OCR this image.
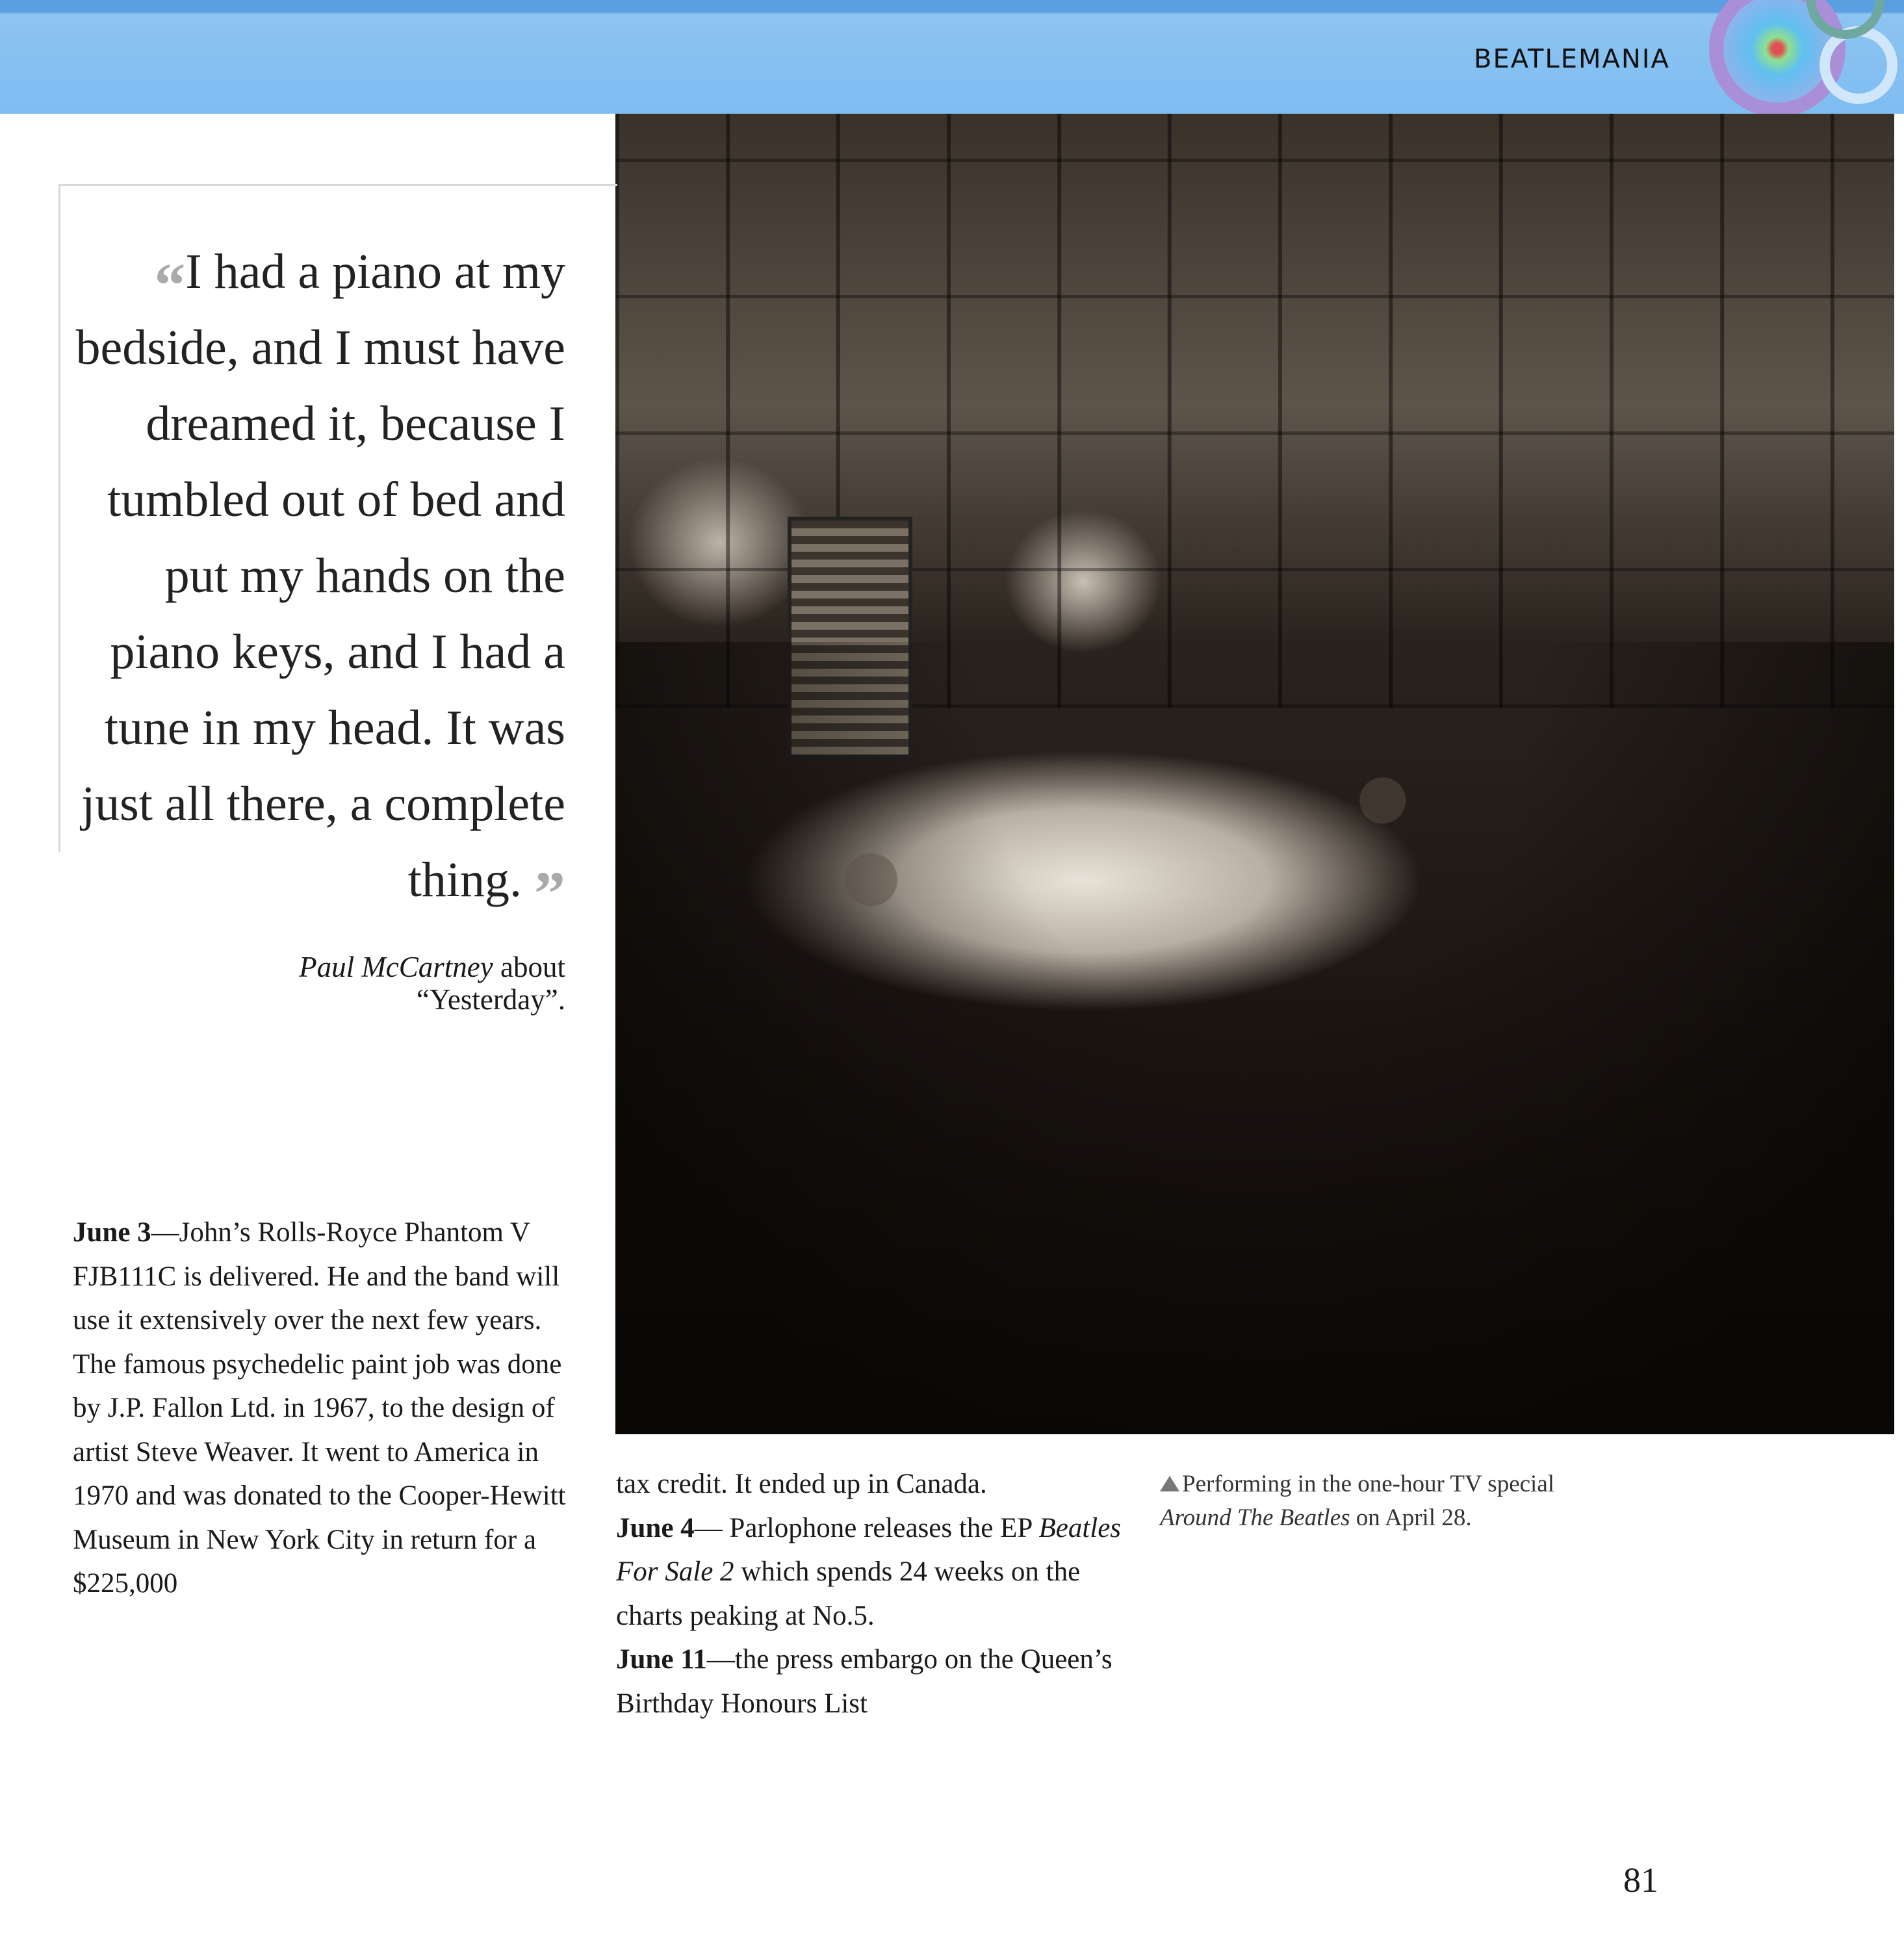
BEATLEMANIA
“I had a piano at my bedside, and I must have dreamed it, because I tumbled out of bed and put my hands on the piano keys, and I had a tune in my head. It was just all there, a complete thing. ”
Paul McCartney about
“Yesterday”.
June 3—John’s Rolls-Royce Phantom V FJB111C is delivered. He and the band will use it extensively over the next few years. The famous psychedelic paint job was done by J.P. Fallon Ltd. in 1967, to the design of artist Steve Weaver. It went to America in 1970 and was donated to the Cooper-Hewitt Museum in New York City in return for a $225,000
tax credit. It ended up in Canada.
June 4— Parlophone releases the EP Beatles For Sale 2 which spends 24 weeks on the charts peaking at No.5.
June 11—the press embargo on the Queen’s Birthday Honours List
Performing in the one-hour TV special
Around The Beatles on April 28.
81
